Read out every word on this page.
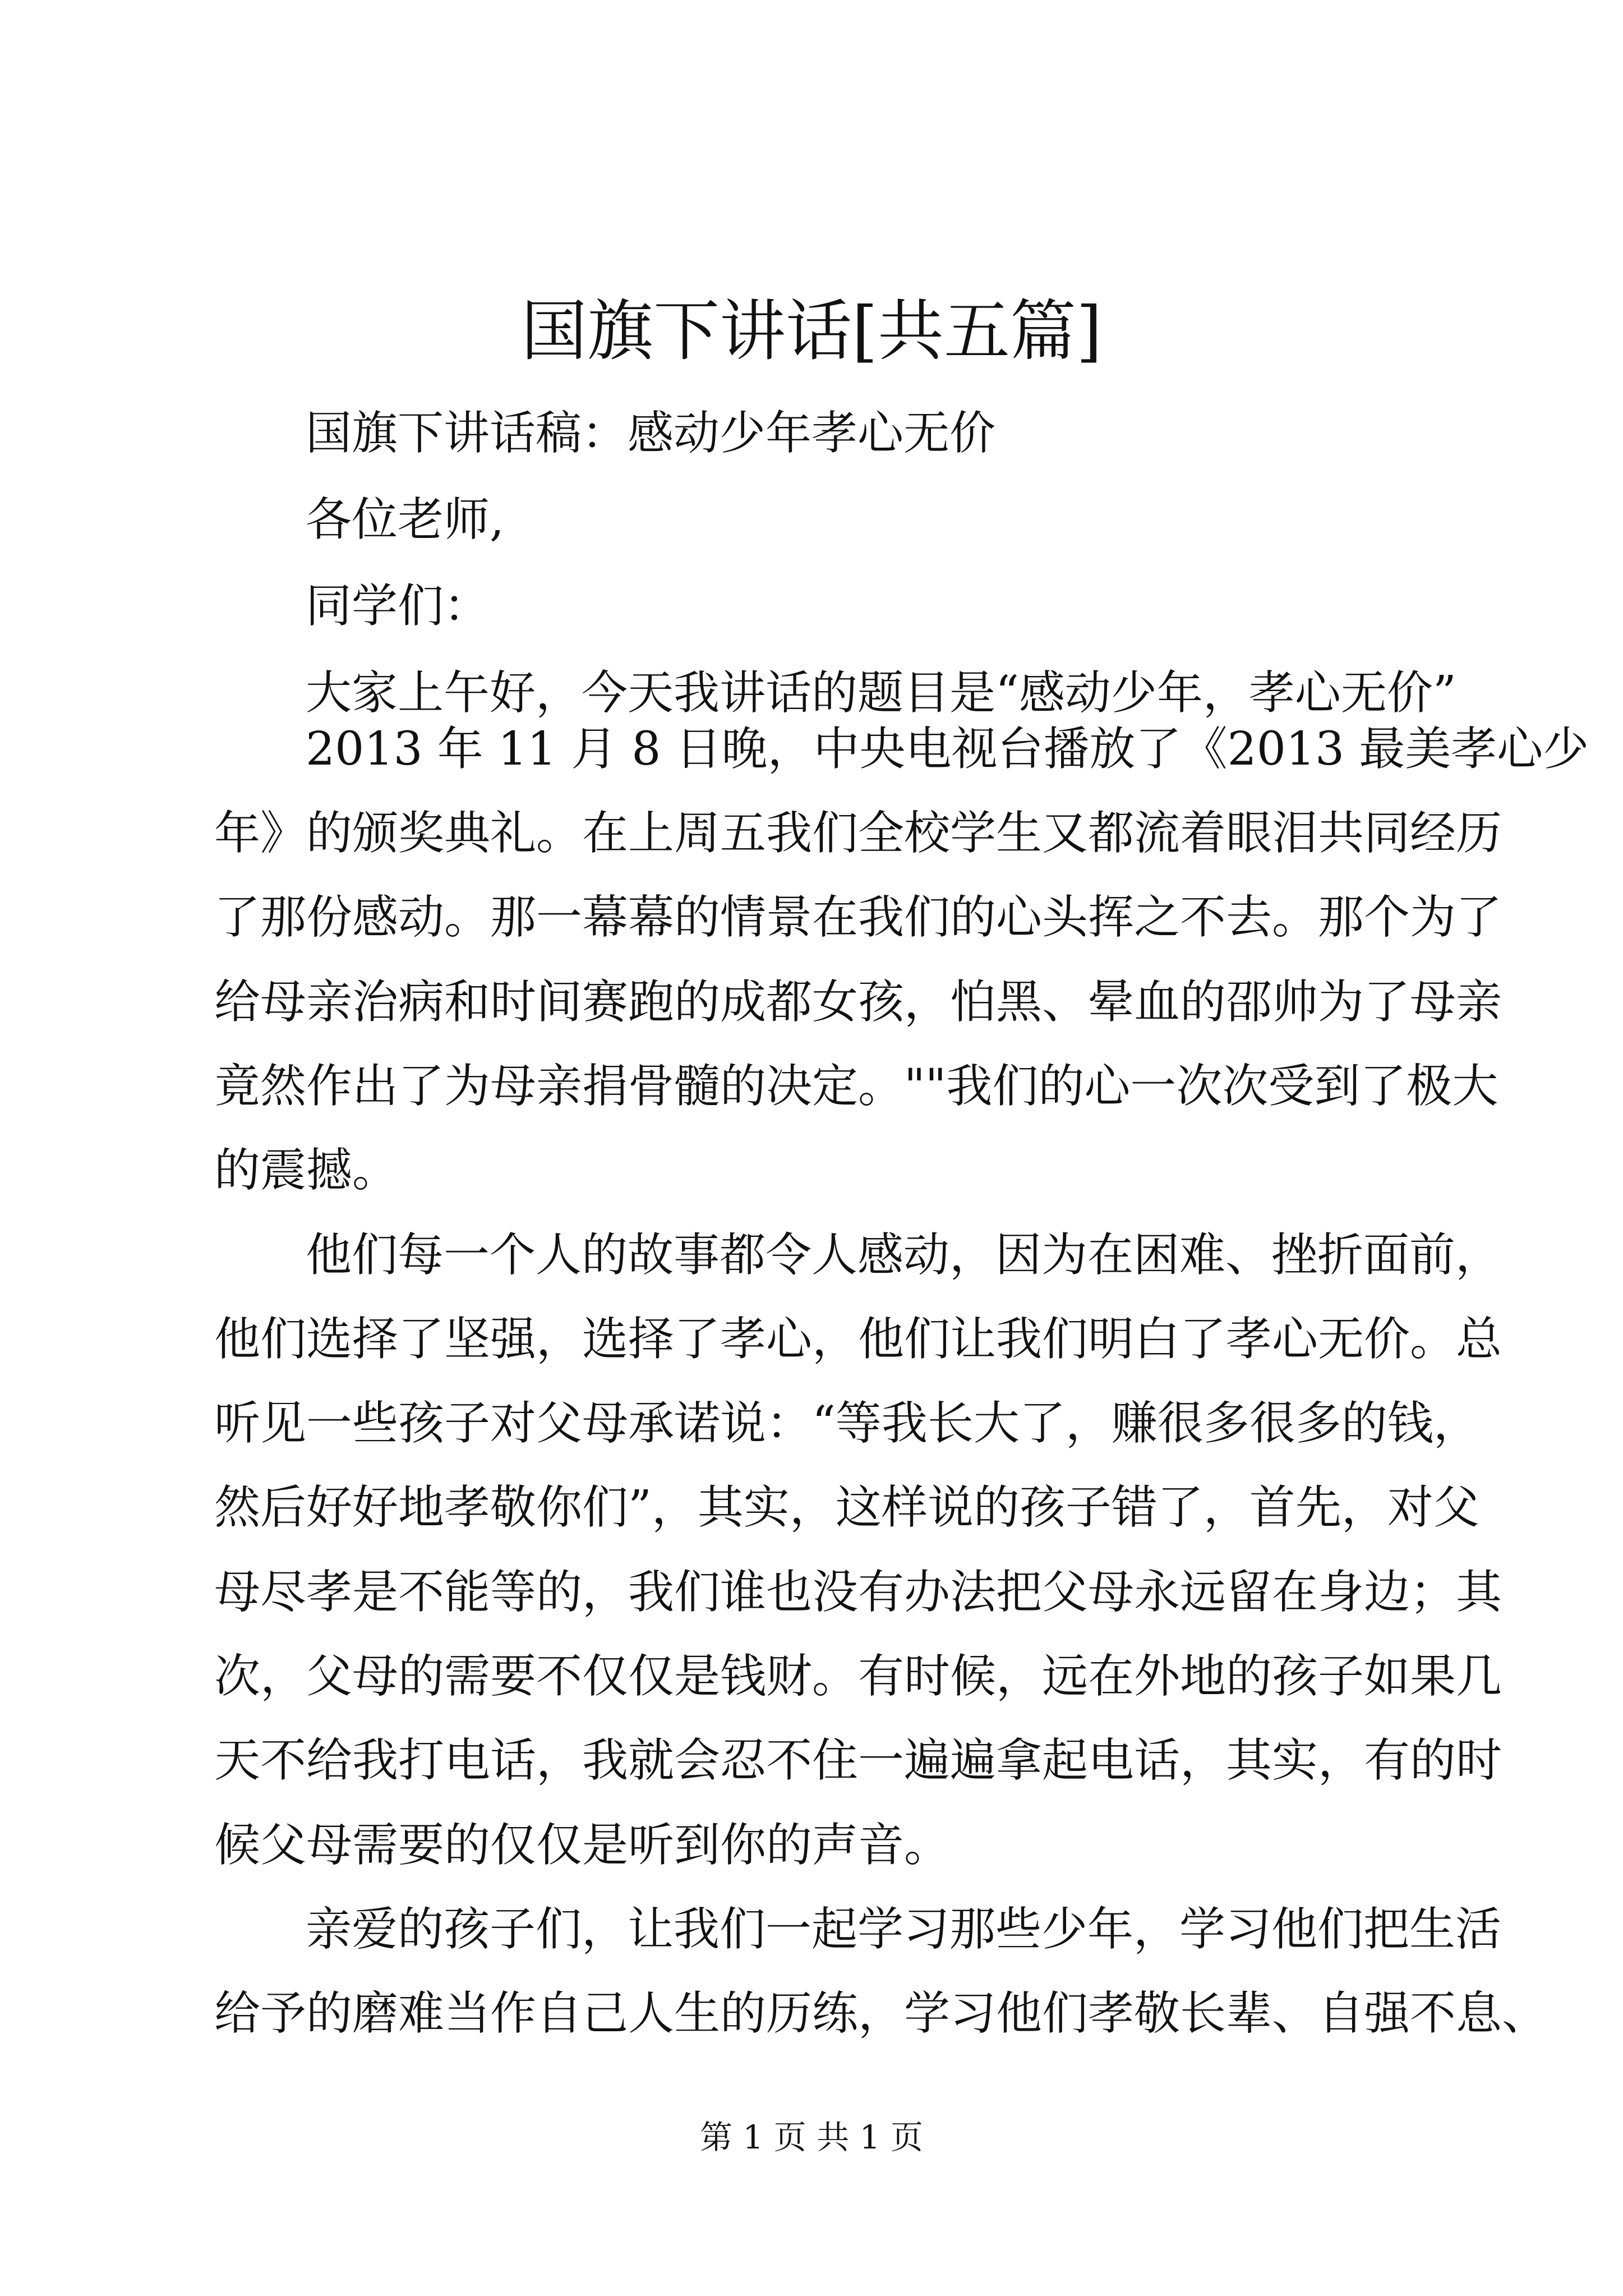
国旗下讲话[共五篇]
国旗下讲话稿：感动少年孝心无价
各位老师,
同学们：
大家上午好，今天我讲话的题目是“感动少年，孝心无价”
2013 年 11 月 8 日晚，中央电视台播放了《2013 最美孝心少
年》的颁奖典礼。在上周五我们全校学生又都流着眼泪共同经历
了那份感动。那一幕幕的情景在我们的心头挥之不去。那个为了
给母亲治病和时间赛跑的成都女孩，怕黑、晕血的邵帅为了母亲
竟然作出了为母亲捐骨髓的决定。""我们的心一次次受到了极大
的震撼。
他们每一个人的故事都令人感动，因为在困难、挫折面前，
他们选择了坚强，选择了孝心，他们让我们明白了孝心无价。总
听见一些孩子对父母承诺说：“等我长大了，赚很多很多的钱，
然后好好地孝敬你们”，其实，这样说的孩子错了，首先，对父
母尽孝是不能等的，我们谁也没有办法把父母永远留在身边；其
次，父母的需要不仅仅是钱财。有时候，远在外地的孩子如果几
天不给我打电话，我就会忍不住一遍遍拿起电话，其实，有的时
候父母需要的仅仅是听到你的声音。
亲爱的孩子们，让我们一起学习那些少年，学习他们把生活
给予的磨难当作自己人生的历练，学习他们孝敬长辈、自强不息、
第 1 页 共 1 页
